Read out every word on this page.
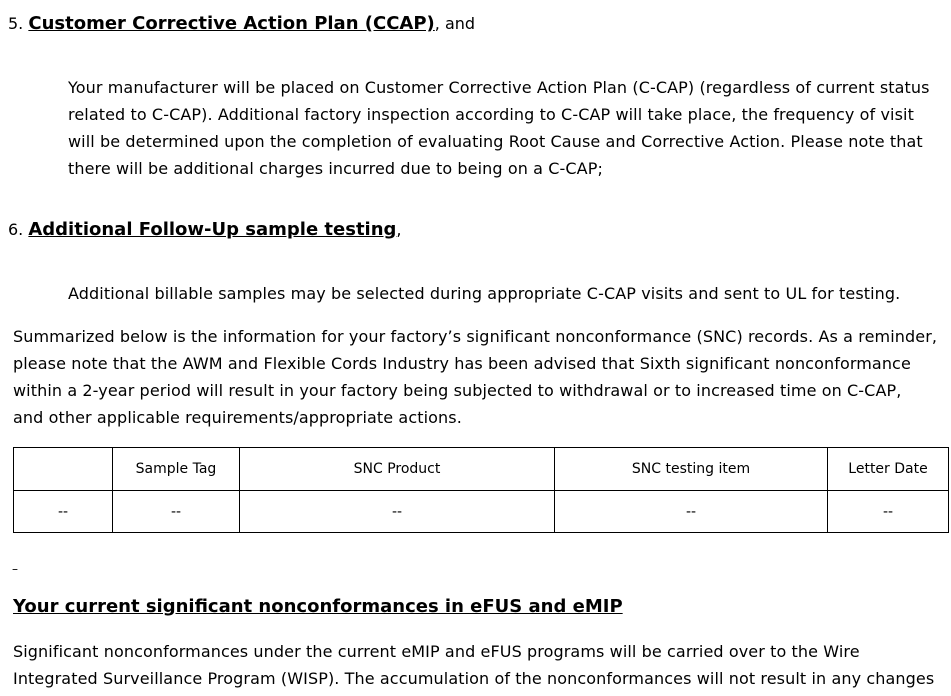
5. Customer Corrective Action Plan (CCAP), and
Your manufacturer will be placed on Customer Corrective Action Plan (C-CAP) (regardless of current status
related to C-CAP). Additional factory inspection according to C-CAP will take place, the frequency of visit
will be determined upon the completion of evaluating Root Cause and Corrective Action. Please note that
there will be additional charges incurred due to being on a C-CAP;
6. Additional Follow-Up sample testing,
Additional billable samples may be selected during appropriate C-CAP visits and sent to UL for testing.
Summarized below is the information for your factory’s significant nonconformance (SNC) records. As a reminder,
please note that the AWM and Flexible Cords Industry has been advised that Sixth significant nonconformance
within a 2-year period will result in your factory being subjected to withdrawal or to increased time on C-CAP,
and other applicable requirements/appropriate actions.
	Sample Tag	SNC Product	SNC testing item	Letter Date
--	--	--	--	--
–
Your current significant nonconformances in eFUS and eMIP
Significant nonconformances under the current eMIP and eFUS programs will be carried over to the Wire
Integrated Surveillance Program (WISP). The accumulation of the nonconformances will not result in any changes
